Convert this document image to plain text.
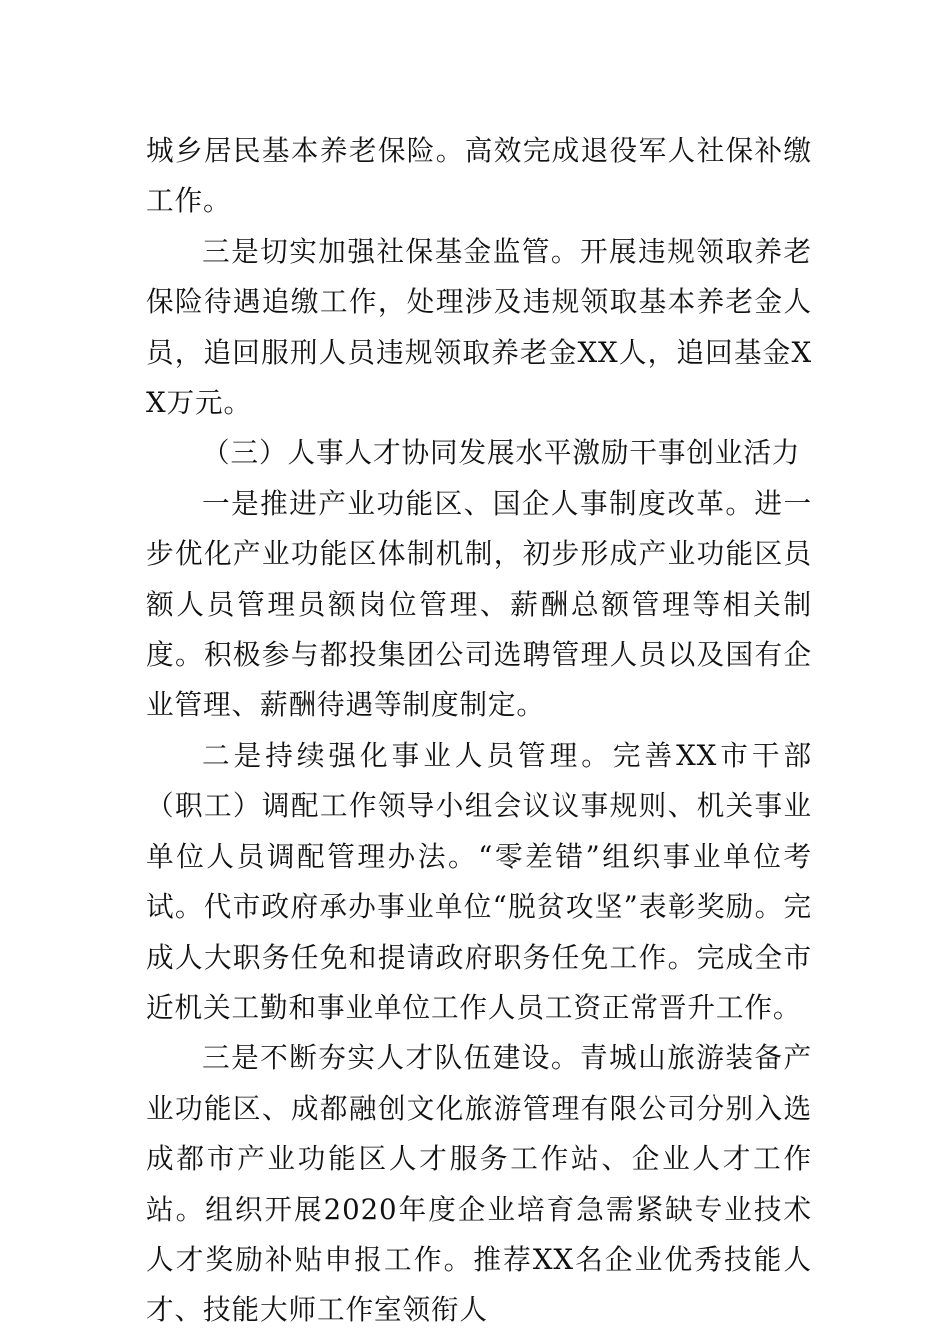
城乡居民基本养老保险。高效完成退役军人社保补缴工作。

三是切实加强社保基金监管。开展违规领取养老保险待遇追缴工作，处理涉及违规领取基本养老金人员，追回服刑人员违规领取养老金XX人，追回基金XX万元。

（三）人事人才协同发展水平激励干事创业活力

一是推进产业功能区、国企人事制度改革。进一步优化产业功能区体制机制，初步形成产业功能区员额人员管理员额岗位管理、薪酬总额管理等相关制度。积极参与都投集团公司选聘管理人员以及国有企业管理、薪酬待遇等制度制定。

二是持续强化事业人员管理。完善XX市干部（职工）调配工作领导小组会议议事规则、机关事业单位人员调配管理办法。“零差错”组织事业单位考试。代市政府承办事业单位“脱贫攻坚”表彰奖励。完成人大职务任免和提请政府职务任免工作。完成全市近机关工勤和事业单位工作人员工资正常晋升工作。

三是不断夯实人才队伍建设。青城山旅游装备产业功能区、成都融创文化旅游管理有限公司分别入选成都市产业功能区人才服务工作站、企业人才工作站。组织开展2020年度企业培育急需紧缺专业技术人才奖励补贴申报工作。推荐XX名企业优秀技能人才、技能大师工作室领衔人
